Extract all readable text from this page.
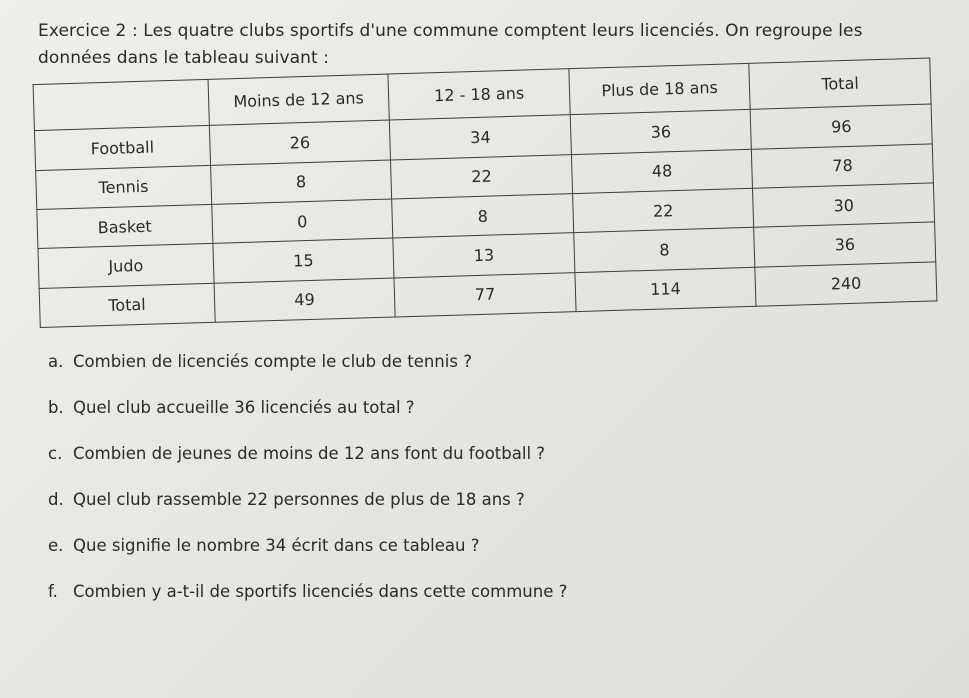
Exercice 2 : Les quatre clubs sportifs d'une commune comptent leurs licenciés. On regroupe les données dans le tableau suivant :

	Moins de 12 ans	12 - 18 ans	Plus de 18 ans	Total
Football	26	34	36	96
Tennis	8	22	48	78
Basket	0	8	22	30
Judo	15	13	8	36
Total	49	77	114	240
a. Combien de licenciés compte le club de tennis ?
b. Quel club accueille 36 licenciés au total ?
c. Combien de jeunes de moins de 12 ans font du football ?
d. Quel club rassemble 22 personnes de plus de 18 ans ?
e. Que signifie le nombre 34 écrit dans ce tableau ?
f. Combien y a-t-il de sportifs licenciés dans cette commune ?
